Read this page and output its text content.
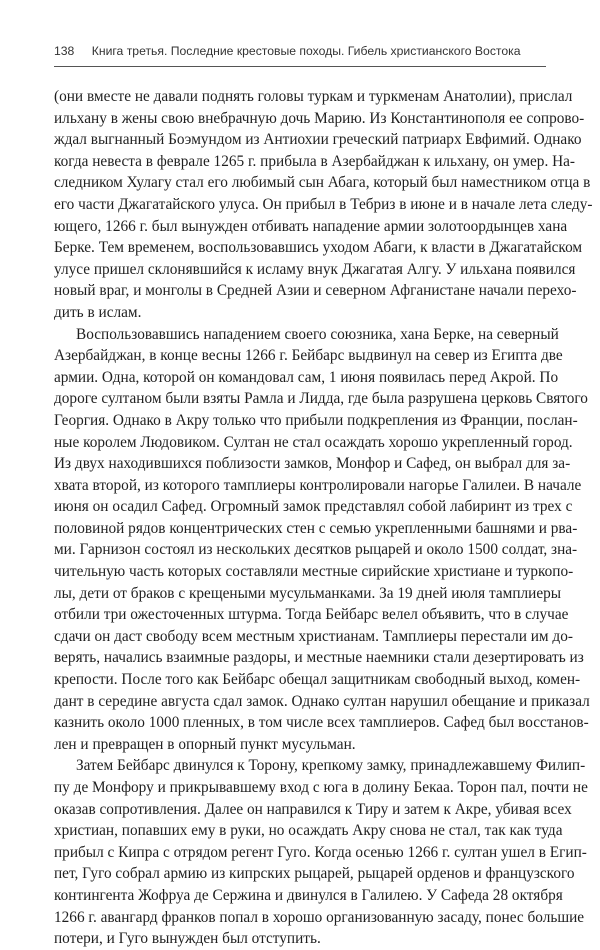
138 Книга третья. Последние крестовые походы. Гибель христианского Востока
(они вместе не давали поднять головы туркам и туркменам Анатолии), прислал
ильхану в жены свою внебрачную дочь Марию. Из Константинополя ее сопрово-
ждал выгнанный Боэмундом из Антиохии греческий патриарх Евфимий. Однако
когда невеста в феврале 1265 г. прибыла в Азербайджан к ильхану, он умер. На-
следником Хулагу стал его любимый сын Абага, который был наместником отца в
его части Джагатайского улуса. Он прибыл в Тебриз в июне и в начале лета следу-
ющего, 1266 г. был вынужден отбивать нападение армии золотоордынцев хана
Берке. Тем временем, воспользовавшись уходом Абаги, к власти в Джагатайском
улусе пришел склонявшийся к исламу внук Джагатая Алгу. У ильхана появился
новый враг, и монголы в Средней Азии и северном Афганистане начали перехо-
дить в ислам.
Воспользовавшись нападением своего союзника, хана Берке, на северный
Азербайджан, в конце весны 1266 г. Бейбарс выдвинул на север из Египта две
армии. Одна, которой он командовал сам, 1 июня появилась перед Акрой. По
дороге султаном были взяты Рамла и Лидда, где была разрушена церковь Святого
Георгия. Однако в Акру только что прибыли подкрепления из Франции, послан-
ные королем Людовиком. Султан не стал осаждать хорошо укрепленный город.
Из двух находившихся поблизости замков, Монфор и Сафед, он выбрал для за-
хвата второй, из которого тамплиеры контролировали нагорье Галилеи. В начале
июня он осадил Сафед. Огромный замок представлял собой лабиринт из трех с
половиной рядов концентрических стен с семью укрепленными башнями и рва-
ми. Гарнизон состоял из нескольких десятков рыцарей и около 1500 солдат, зна-
чительную часть которых составляли местные сирийские христиане и туркопо-
лы, дети от браков с крещеными мусульманками. За 19 дней июля тамплиеры
отбили три ожесточенных штурма. Тогда Бейбарс велел объявить, что в случае
сдачи он даст свободу всем местным христианам. Тамплиеры перестали им до-
верять, начались взаимные раздоры, и местные наемники стали дезертировать из
крепости. После того как Бейбарс обещал защитникам свободный выход, комен-
дант в середине августа сдал замок. Однако султан нарушил обещание и приказал
казнить около 1000 пленных, в том числе всех тамплиеров. Сафед был восстанов-
лен и превращен в опорный пункт мусульман.
Затем Бейбарс двинулся к Торону, крепкому замку, принадлежавшему Филип-
пу де Монфору и прикрывавшему вход с юга в долину Бекаа. Торон пал, почти не
оказав сопротивления. Далее он направился к Тиру и затем к Акре, убивая всех
христиан, попавших ему в руки, но осаждать Акру снова не стал, так как туда
прибыл с Кипра с отрядом регент Гуго. Когда осенью 1266 г. султан ушел в Егип-
пет, Гуго собрал армию из кипрских рыцарей, рыцарей орденов и французского
контингента Жофруа де Сержина и двинулся в Галилею. У Сафеда 28 октября
1266 г. авангард франков попал в хорошо организованную засаду, понес большие
потери, и Гуго вынужден был отступить.
